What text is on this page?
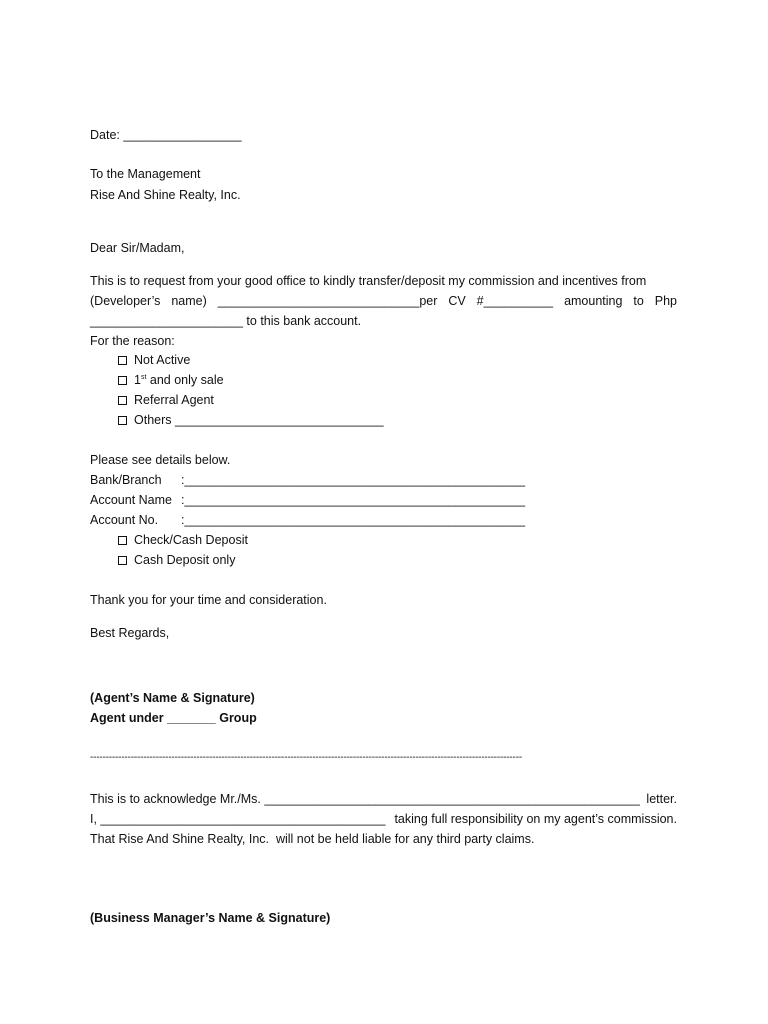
Date: _________________
To the Management
Rise And Shine Realty, Inc.
Dear Sir/Madam,
This is to request from your good office to kindly transfer/deposit my commission and incentives from
(Developer’s name) _____________________________per CV #__________ amounting to Php
______________________ to this bank account.
For the reason:
Not Active
1st and only sale
Referral Agent
Others ______________________________
Please see details below.
Bank/Branch :_________________________________________________
Account Name :_________________________________________________
Account No. :_________________________________________________
Check/Cash Deposit
Cash Deposit only
Thank you for your time and consideration.
Best Regards,
(Agent’s Name & Signature)
Agent under _______ Group
------------------------------------------------------------------------------------------------------------------------------------------
This is to acknowledge Mr./Ms. ______________________________________________________ letter.
I, _________________________________________ taking full responsibility on my agent’s commission.
That Rise And Shine Realty, Inc.  will not be held liable for any third party claims.
(Business Manager’s Name & Signature)
